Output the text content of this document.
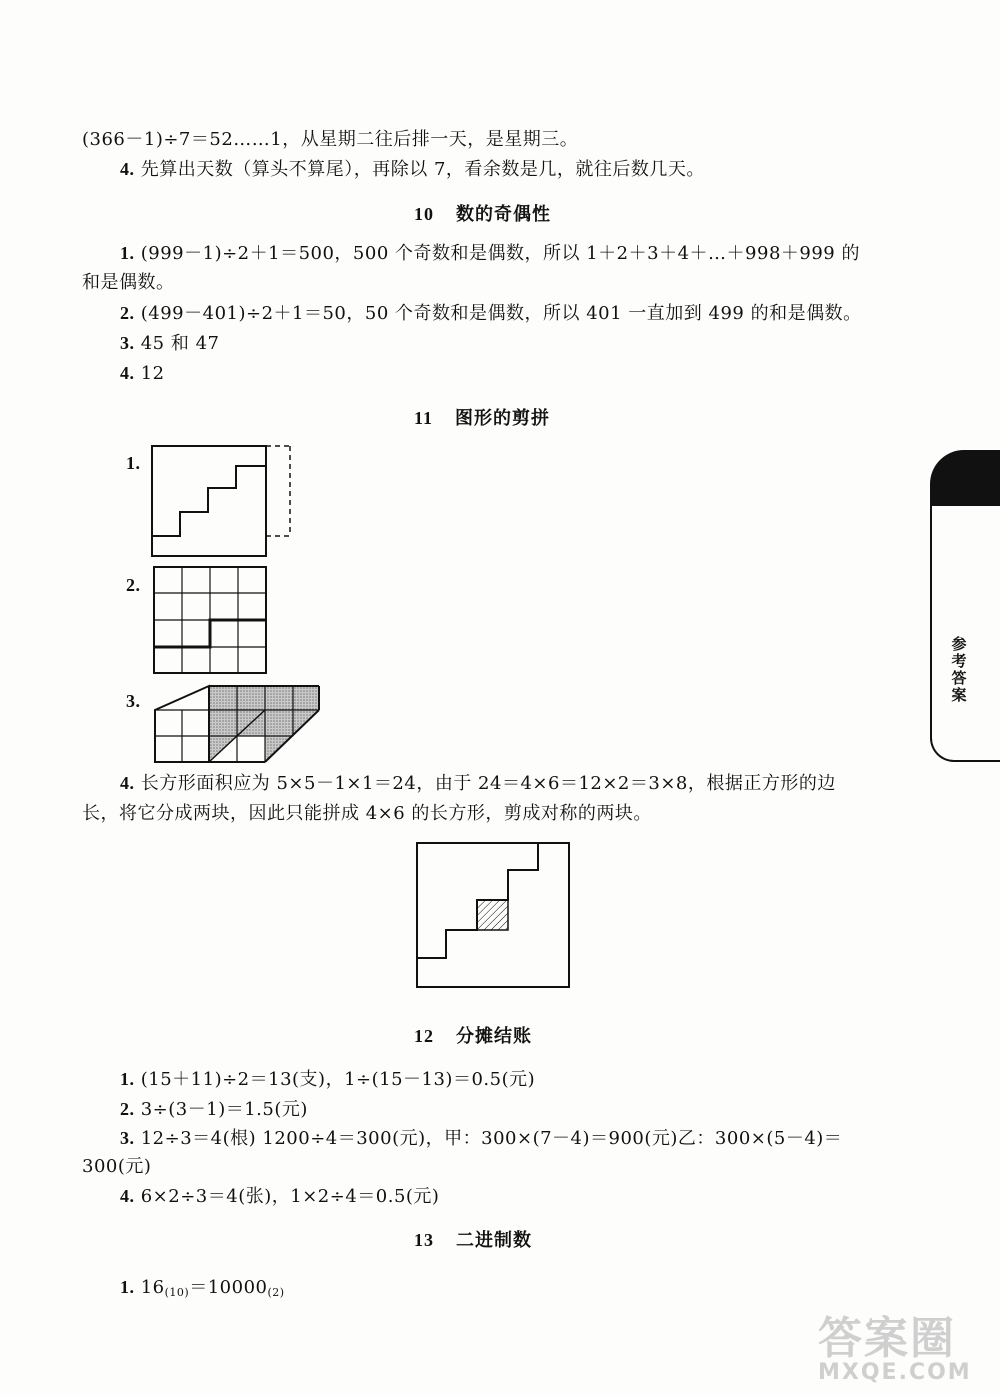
(366－1)÷7＝52……1，从星期二往后排一天，是星期三。
4. 先算出天数（算头不算尾），再除以 7，看余数是几，就往后数几天。
10 数的奇偶性
1. (999－1)÷2＋1＝500，500 个奇数和是偶数，所以 1＋2＋3＋4＋…＋998＋999 的
和是偶数。
2. (499－401)÷2＋1＝50，50 个奇数和是偶数，所以 401 一直加到 499 的和是偶数。
3. 45 和 47
4. 12
11 图形的剪拼
1.
2.
3.
4. 长方形面积应为 5×5－1×1＝24，由于 24＝4×6＝12×2＝3×8，根据正方形的边
长，将它分成两块，因此只能拼成 4×6 的长方形，剪成对称的两块。
12 分摊结账
1. (15＋11)÷2＝13(支)，1÷(15－13)＝0.5(元)
2. 3÷(3－1)＝1.5(元)
3. 12÷3＝4(根) 1200÷4＝300(元)，甲：300×(7－4)＝900(元)乙：300×(5－4)＝
300(元)
4. 6×2÷3＝4(张)，1×2÷4＝0.5(元)
13 二进制数
1. $16_{(10)}=10000_{(2)}$
参考答案
答案圈
MXQE.COM
